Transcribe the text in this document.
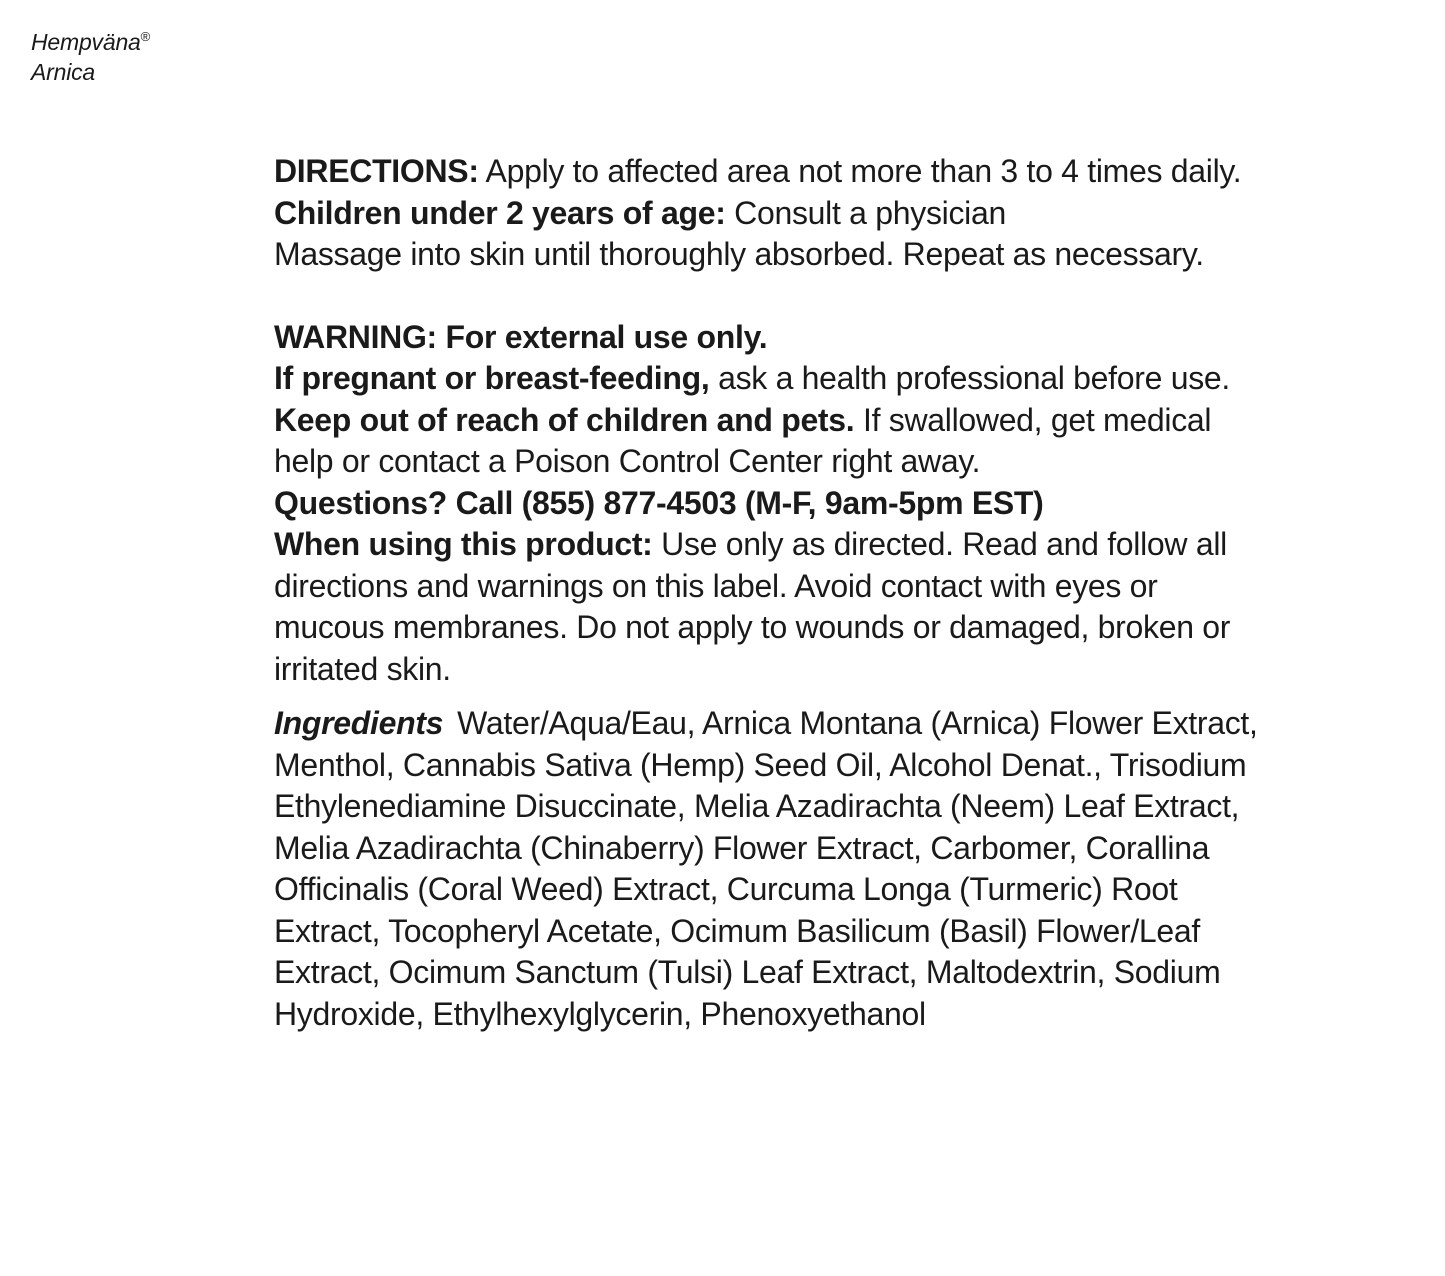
Hempväna®
Arnica

DIRECTIONS: Apply to affected area not more than 3 to 4 times daily. Children under 2 years of age: Consult a physician

Massage into skin until thoroughly absorbed. Repeat as necessary.

WARNING: For external use only.

If pregnant or breast-feeding, ask a health professional before use.

Keep out of reach of children and pets. If swallowed, get medical help or contact a Poison Control Center right away.

Questions? Call (855) 877-4503 (M-F, 9am-5pm EST)

When using this product: Use only as directed. Read and follow all directions and warnings on this label. Avoid contact with eyes or mucous membranes. Do not apply to wounds or damaged, broken or irritated skin.

Ingredients Water/Aqua/Eau, Arnica Montana (Arnica) Flower Extract, Menthol, Cannabis Sativa (Hemp) Seed Oil, Alcohol Denat., Trisodium Ethylenediamine Disuccinate, Melia Azadirachta (Neem) Leaf Extract, Melia Azadirachta (Chinaberry) Flower Extract, Carbomer, Corallina Officinalis (Coral Weed) Extract, Curcuma Longa (Turmeric) Root Extract, Tocopheryl Acetate, Ocimum Basilicum (Basil) Flower/Leaf Extract, Ocimum Sanctum (Tulsi) Leaf Extract, Maltodextrin, Sodium Hydroxide, Ethylhexylglycerin, Phenoxyethanol
